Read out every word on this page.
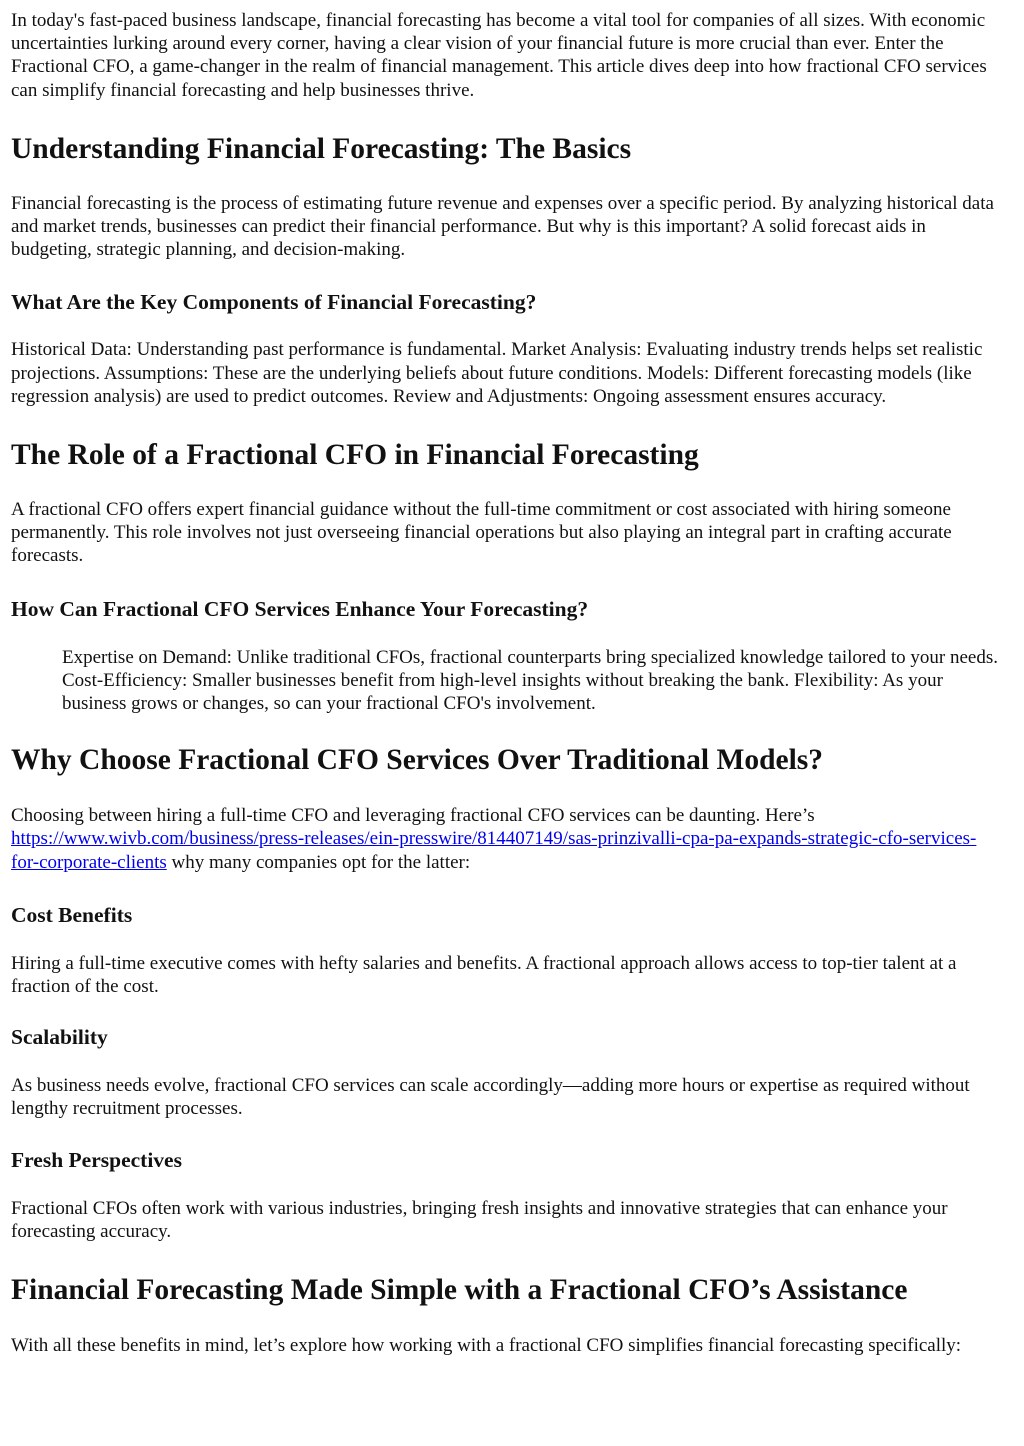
In today's fast-paced business landscape, financial forecasting has become a vital tool for companies of all sizes. With economic uncertainties lurking around every corner, having a clear vision of your financial future is more crucial than ever. Enter the Fractional CFO, a game-changer in the realm of financial management. This article dives deep into how fractional CFO services can simplify financial forecasting and help businesses thrive.

Understanding Financial Forecasting: The Basics

Financial forecasting is the process of estimating future revenue and expenses over a specific period. By analyzing historical data and market trends, businesses can predict their financial performance. But why is this important? A solid forecast aids in budgeting, strategic planning, and decision-making.

What Are the Key Components of Financial Forecasting?

Historical Data: Understanding past performance is fundamental. Market Analysis: Evaluating industry trends helps set realistic projections. Assumptions: These are the underlying beliefs about future conditions. Models: Different forecasting models (like regression analysis) are used to predict outcomes. Review and Adjustments: Ongoing assessment ensures accuracy.

The Role of a Fractional CFO in Financial Forecasting

A fractional CFO offers expert financial guidance without the full-time commitment or cost associated with hiring someone permanently. This role involves not just overseeing financial operations but also playing an integral part in crafting accurate forecasts.

How Can Fractional CFO Services Enhance Your Forecasting?

Expertise on Demand: Unlike traditional CFOs, fractional counterparts bring specialized knowledge tailored to your needs. Cost-Efficiency: Smaller businesses benefit from high-level insights without breaking the bank. Flexibility: As your business grows or changes, so can your fractional CFO's involvement.

Why Choose Fractional CFO Services Over Traditional Models?

Choosing between hiring a full-time CFO and leveraging fractional CFO services can be daunting. Here’s https://www.wivb.com/business/press-releases/ein-presswire/814407149/sas-prinzivalli-cpa-pa-expands-strategic-cfo-services-for-corporate-clients why many companies opt for the latter:

Cost Benefits

Hiring a full-time executive comes with hefty salaries and benefits. A fractional approach allows access to top-tier talent at a fraction of the cost.

Scalability

As business needs evolve, fractional CFO services can scale accordingly—adding more hours or expertise as required without lengthy recruitment processes.

Fresh Perspectives

Fractional CFOs often work with various industries, bringing fresh insights and innovative strategies that can enhance your forecasting accuracy.

Financial Forecasting Made Simple with a Fractional CFO’s Assistance

With all these benefits in mind, let’s explore how working with a fractional CFO simplifies financial forecasting specifically:
